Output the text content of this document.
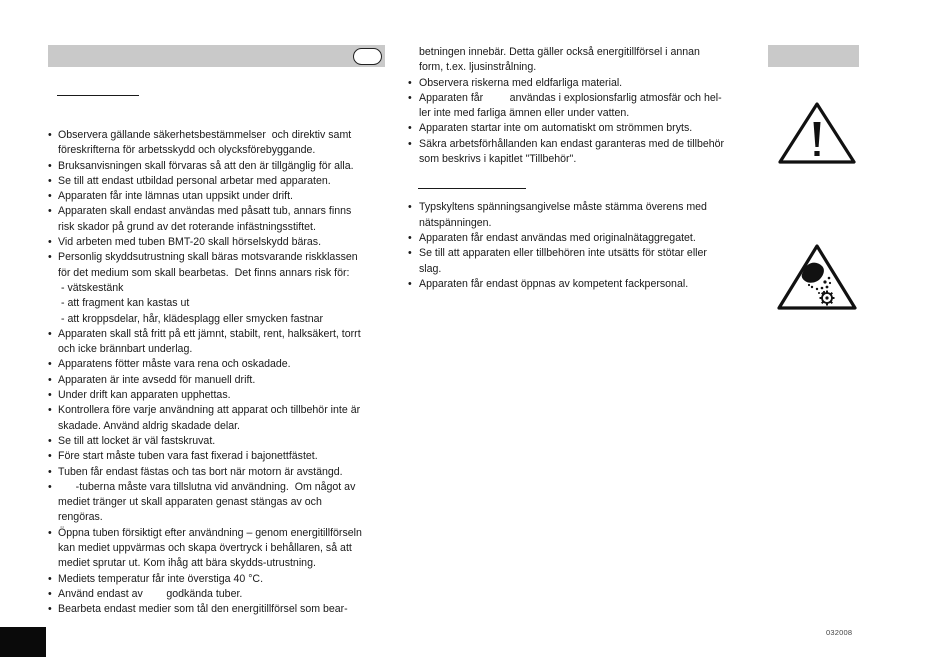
• Observera gällande säkerhetsbestämmelser  och direktiv samt
föreskrifterna för arbetsskydd och olycksförebyggande.
• Bruksanvisningen skall förvaras så att den är tillgänglig för alla.
• Se till att endast utbildad personal arbetar med apparaten.
• Apparaten får inte lämnas utan uppsikt under drift.
• Apparaten skall endast användas med påsatt tub, annars finns
risk skador på grund av det roterande infästningsstiftet.
• Vid arbeten med tuben BMT-20 skall hörselskydd bäras.
• Personlig skyddsutrustning skall bäras motsvarande riskklassen
för det medium som skall bearbetas.  Det finns annars risk för:
- vätskestänk
- att fragment kan kastas ut
- att kroppsdelar, hår, klädesplagg eller smycken fastnar
• Apparaten skall stå fritt på ett jämnt, stabilt, rent, halksäkert, torrt
och icke brännbart underlag.
• Apparatens fötter måste vara rena och oskadade.
• Apparaten är inte avsedd för manuell drift.
• Under drift kan apparaten upphettas.
• Kontrollera före varje användning att apparat och tillbehör inte är
skadade. Använd aldrig skadade delar.
• Se till att locket är väl fastskruvat.
• Före start måste tuben vara fast fixerad i bajonettfästet.
• Tuben får endast fästas och tas bort när motorn är avstängd.
•       -tuberna måste vara tillslutna vid användning.  Om något av
mediet tränger ut skall apparaten genast stängas av och
rengöras.
• Öppna tuben försiktigt efter användning – genom energitillförseln
kan mediet uppvärmas och skapa övertryck i behållaren, så att
mediet sprutar ut. Kom ihåg att bära skydds-utrustning.
• Mediets temperatur får inte överstiga 40 °C.
• Använd endast av        godkända tuber.
• Bearbeta endast medier som tål den energitillförsel som bear-
betningen innebär. Detta gäller också energitillförsel i annan
form, t.ex. ljusinstrålning.
• Observera riskerna med eldfarliga material.
• Apparaten får         användas i explosionsfarlig atmosfär och hel-
ler inte med farliga ämnen eller under vatten.
• Apparaten startar inte om automatiskt om strömmen bryts.
• Säkra arbetsförhållanden kan endast garanteras med de tillbehör
som beskrivs i kapitlet "Tillbehör".
• Typskyltens spänningsangivelse måste stämma överens med
nätspänningen.
• Apparaten får endast användas med originalnätaggregatet.
• Se till att apparaten eller tillbehören inte utsätts för stötar eller
slag.
• Apparaten får endast öppnas av kompetent fackpersonal.
032008
